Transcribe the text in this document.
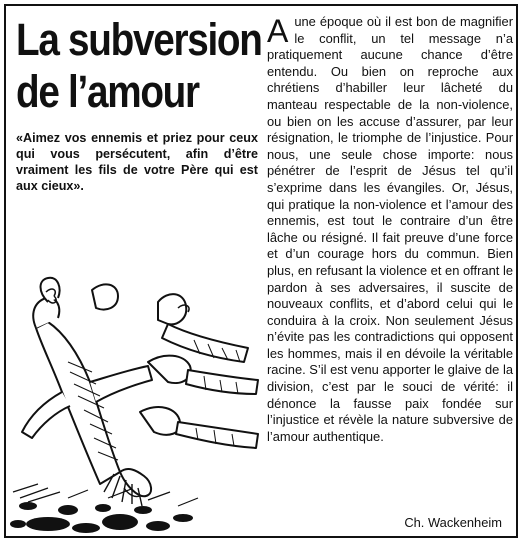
La subversion
de l’amour
«Aimez vos ennemis et priez pour ceux qui vous persécutent, afin d’être vraiment les fils de votre Père qui est aux cieux».
Aune époque où il est bon de magnifier le conflit, un tel message n’a pratiquement aucune chance d’être entendu. Ou bien on reproche aux chrétiens d’habiller leur lâcheté du manteau respectable de la non-violence, ou bien on les accuse d’assurer, par leur résignation, le triomphe de l’injustice. Pour nous, une seule chose importe: nous pénétrer de l’esprit de Jésus tel qu’il s’exprime dans les évangiles. Or, Jésus, qui pratique la non-violence et l’amour des ennemis, est tout le contraire d’un être lâche ou résigné. Il fait preuve d’une force et d’un courage hors du commun. Bien plus, en refusant la violence et en offrant le pardon à ses adversaires, il suscite de nouveaux conflits, et d’abord celui qui le conduira à la croix. Non seulement Jésus n’évite pas les contradictions qui opposent les hommes, mais il en dévoile la véritable racine. S’il est venu apporter le glaive de la division, c’est par le souci de vérité: il dénonce la fausse paix fondée sur l’injustice et révèle la nature subversive de l’amour authentique.
Ch. Wackenheim
